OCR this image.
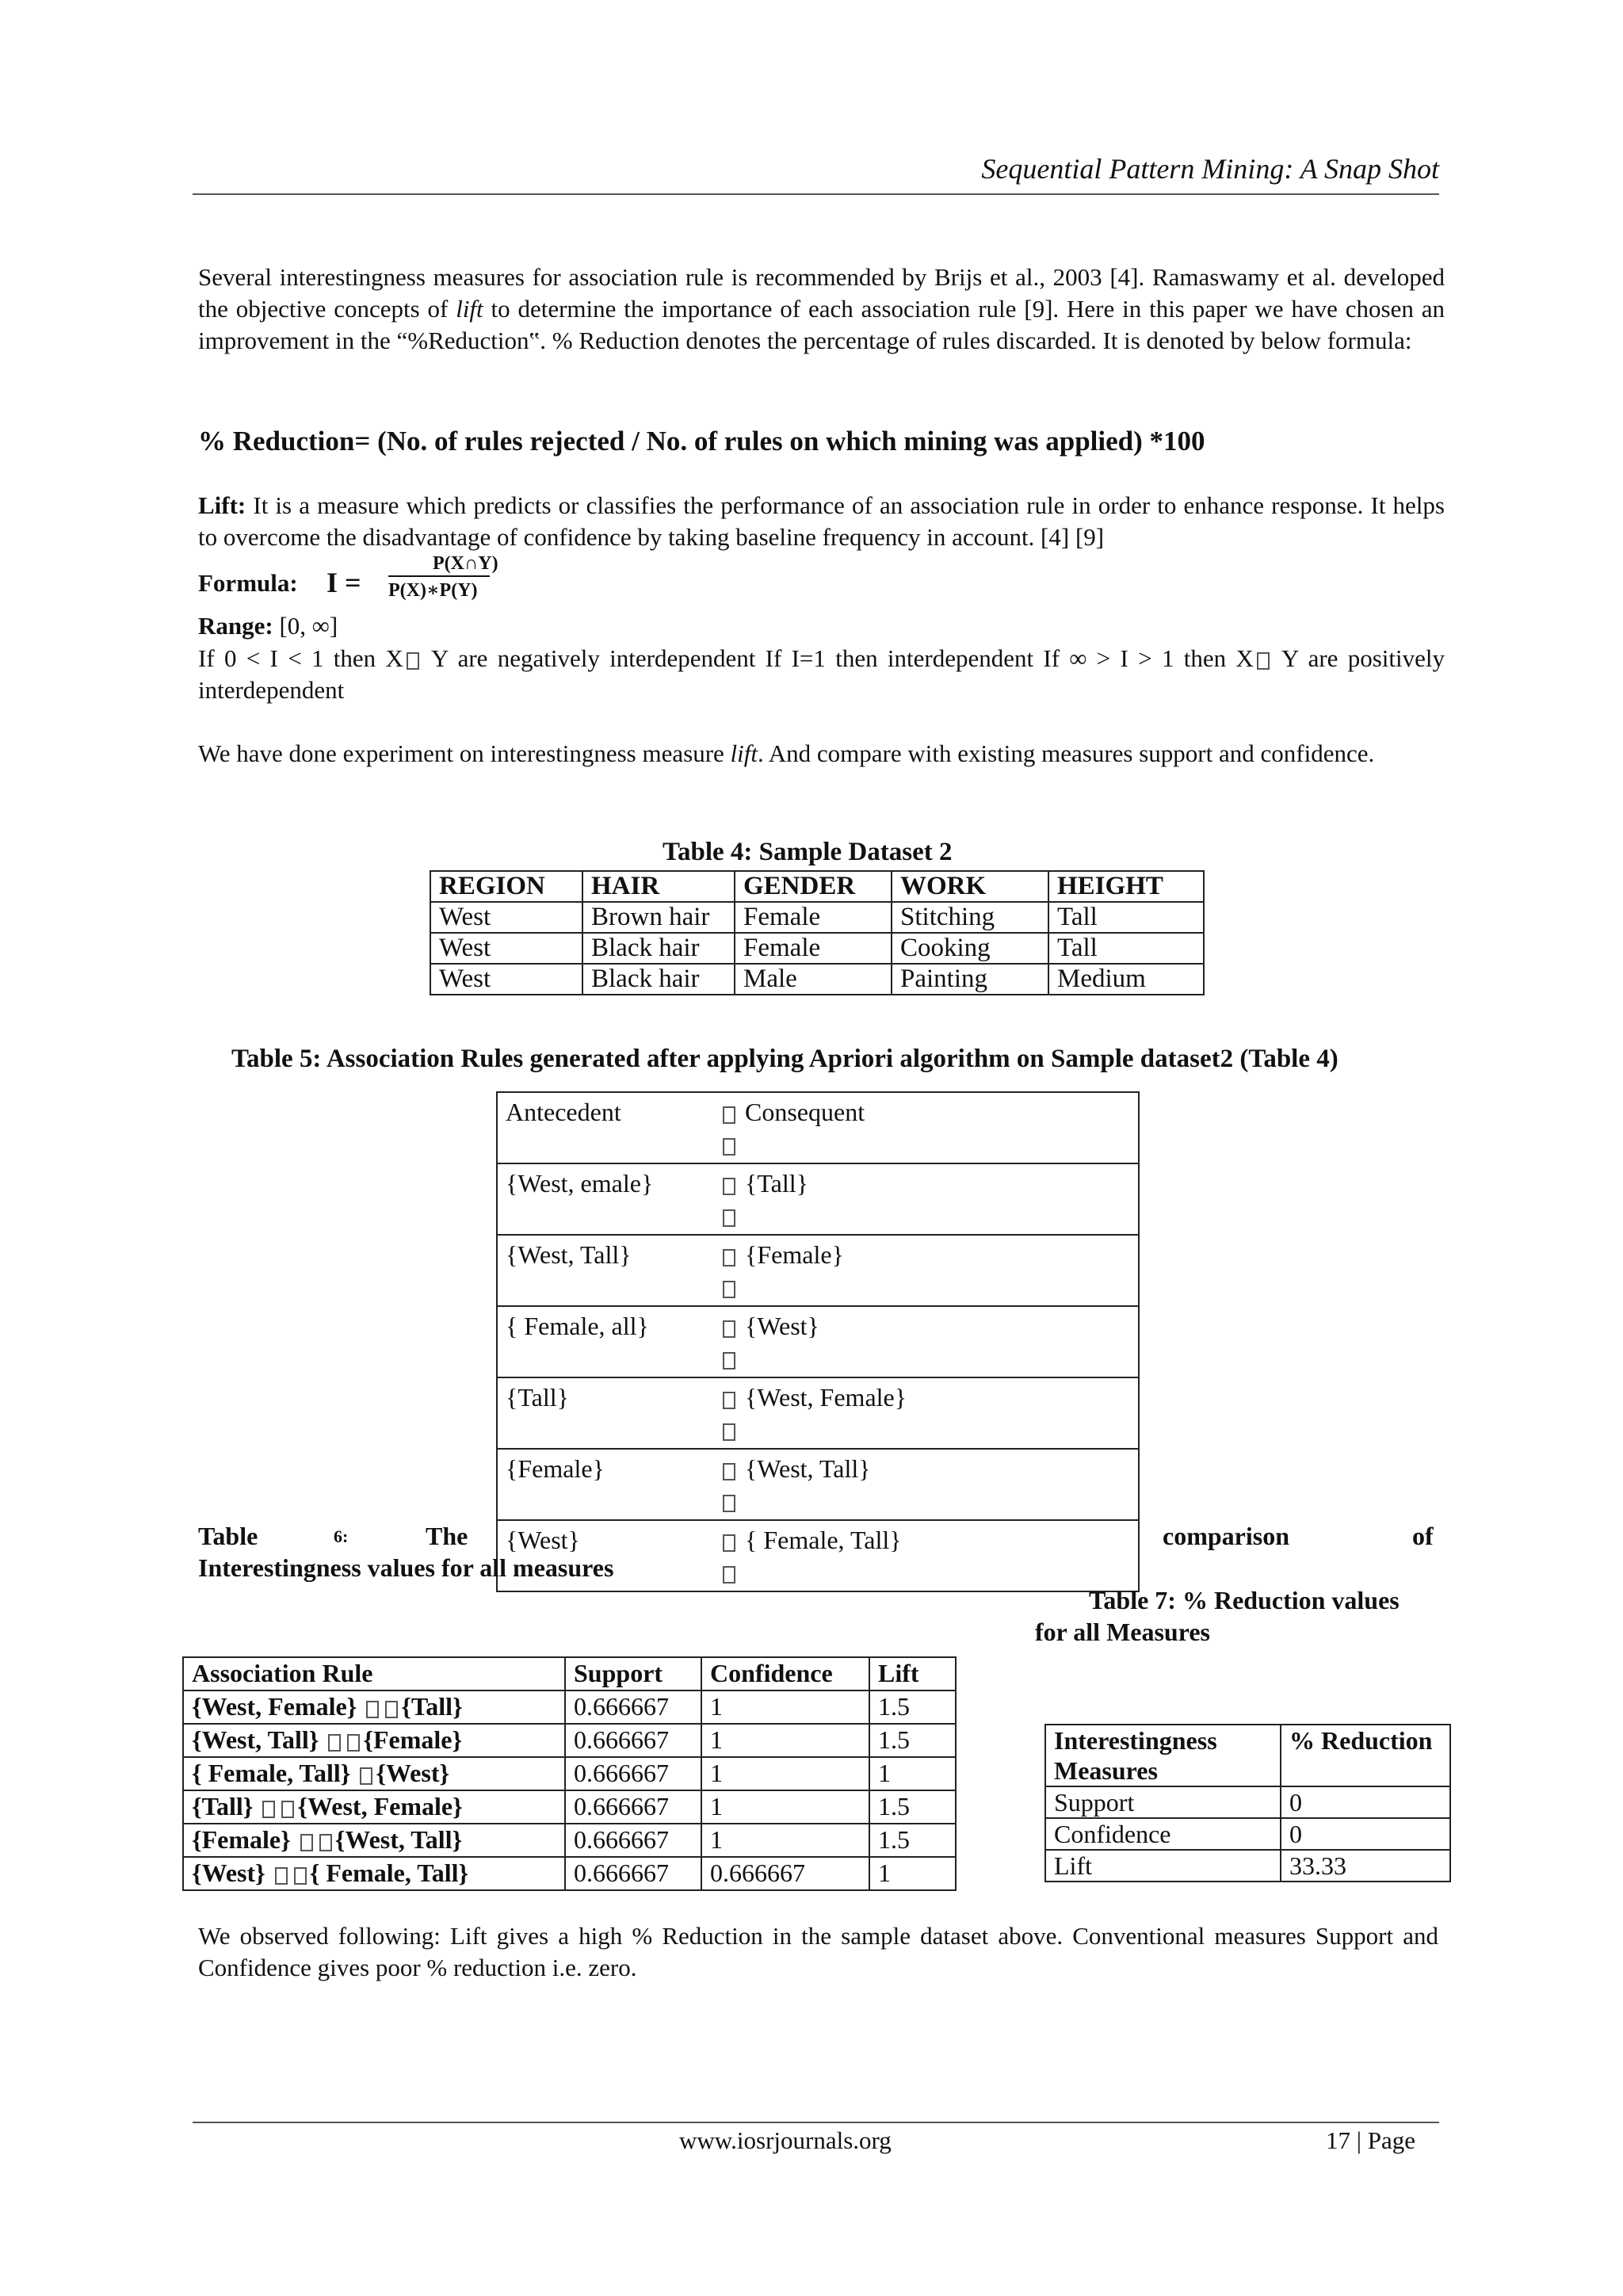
Sequential Pattern Mining: A Snap Shot
Several interestingness measures for association rule is recommended by Brijs et al., 2003 [4]. Ramaswamy et al. developed the objective concepts of lift to determine the importance of each association rule [9]. Here in this paper we have chosen an improvement in the “%Reduction‟. % Reduction denotes the percentage of rules discarded. It is denoted by below formula:
% Reduction= (No. of rules rejected / No. of rules on which mining was applied) *100
Lift: It is a measure which predicts or classifies the performance of an association rule in order to enhance response. It helps to overcome the disadvantage of confidence by taking baseline frequency in account. [4] [9]
Formula: I =
P(X∩Y)
P(X)∗P(Y)
Range: [0, ∞]
If 0 < I < 1 then X Y are negatively interdependent If I=1 then interdependent If ∞ > I > 1 then X Y are positively interdependent
We have done experiment on interestingness measure lift. And compare with existing measures support and confidence.
Table 4: Sample Dataset 2
REGION	HAIR	GENDER	WORK	HEIGHT
West	Brown hair	Female	Stitching	Tall
West	Black hair	Female	Cooking	Tall
West	Black hair	Male	Painting	Medium
Table 5: Association Rules generated after applying Apriori algorithm on Sample dataset2 (Table 4)
Antecedent	Consequent

{West, emale}	{Tall}

{West, Tall}	{Female}

{ Female, all}	{West}

{Tall}	{West, Female}

{Female}	{West, Tall}

{West}	{ Female, Tall}

Table	6:	The	comparison	of
Interestingness values for all measures
Table 7: % Reduction values
for all Measures
Association Rule	Support	Confidence	Lift
{West, Female} {Tall}	0.666667	1	1.5
{West, Tall} {Female}	0.666667	1	1.5
{ Female, Tall} {West}	0.666667	1	1
{Tall} {West, Female}	0.666667	1	1.5
{Female} {West, Tall}	0.666667	1	1.5
{West} { Female, Tall}	0.666667	0.666667	1
Interestingness Measures	% Reduction
Support	0
Confidence	0
Lift	33.33
We observed following: Lift gives a high % Reduction in the sample dataset above. Conventional measures Support and Confidence gives poor % reduction i.e. zero.
www.iosrjournals.org	17 | Page
